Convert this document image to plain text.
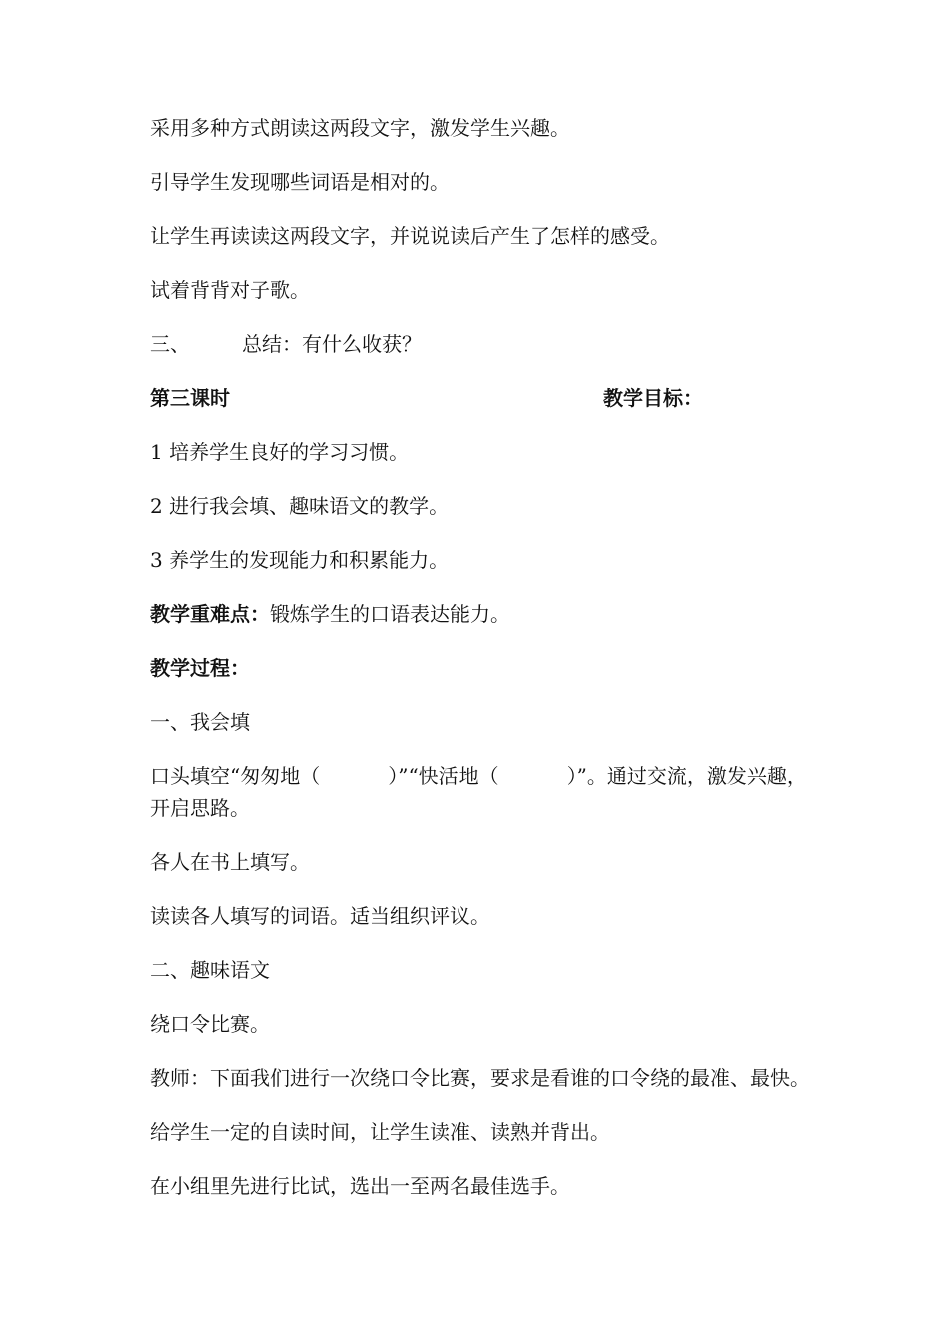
采用多种方式朗读这两段文字，激发学生兴趣。
引导学生发现哪些词语是相对的。
让学生再读读这两段文字，并说说读后产生了怎样的感受。
试着背背对子歌。
三、	总结：有什么收获？
第三课时	教学目标：
1 培养学生良好的学习习惯。
2 进行我会填、趣味语文的教学。
3 养学生的发现能力和积累能力。
教学重难点：锻炼学生的口语表达能力。
教学过程：
一、我会填
口头填空“匆匆地（	）”“快活地（	）”。通过交流，激发兴趣，
开启思路。
各人在书上填写。
读读各人填写的词语。适当组织评议。
二、趣味语文
绕口令比赛。
教师：下面我们进行一次绕口令比赛，要求是看谁的口令绕的最准、最快。
给学生一定的自读时间，让学生读准、读熟并背出。
在小组里先进行比试，选出一至两名最佳选手。
